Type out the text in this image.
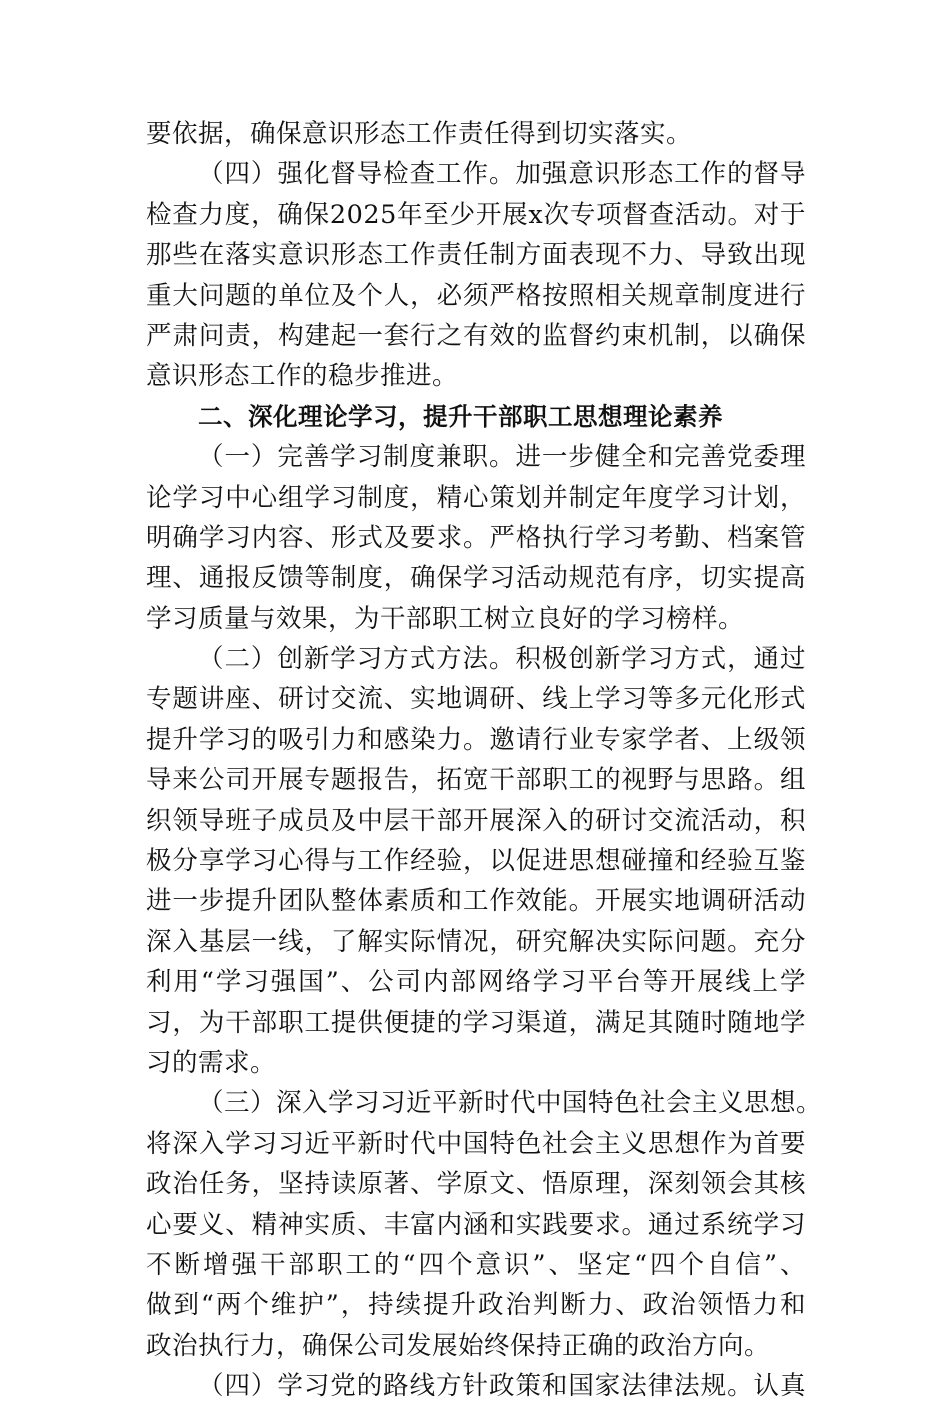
要依据，确保意识形态工作责任得到切实落实。
（四）强化督导检查工作。加强意识形态工作的督导
检查力度，确保2025年至少开展x次专项督查活动。对于
那些在落实意识形态工作责任制方面表现不力、导致出现
重大问题的单位及个人，必须严格按照相关规章制度进行
严肃问责，构建起一套行之有效的监督约束机制，以确保
意识形态工作的稳步推进。
二、深化理论学习，提升干部职工思想理论素养
（一）完善学习制度兼职。进一步健全和完善党委理
论学习中心组学习制度，精心策划并制定年度学习计划，
明确学习内容、形式及要求。严格执行学习考勤、档案管
理、通报反馈等制度，确保学习活动规范有序，切实提高
学习质量与效果，为干部职工树立良好的学习榜样。
（二）创新学习方式方法。积极创新学习方式，通过
专题讲座、研讨交流、实地调研、线上学习等多元化形式
提升学习的吸引力和感染力。邀请行业专家学者、上级领
导来公司开展专题报告，拓宽干部职工的视野与思路。组
织领导班子成员及中层干部开展深入的研讨交流活动，积
极分享学习心得与工作经验，以促进思想碰撞和经验互鉴
进一步提升团队整体素质和工作效能。开展实地调研活动
深入基层一线，了解实际情况，研究解决实际问题。充分
利用“学习强国”、公司内部网络学习平台等开展线上学
习，为干部职工提供便捷的学习渠道，满足其随时随地学
习的需求。
（三）深入学习习近平新时代中国特色社会主义思想。
将深入学习习近平新时代中国特色社会主义思想作为首要
政治任务，坚持读原著、学原文、悟原理，深刻领会其核
心要义、精神实质、丰富内涵和实践要求。通过系统学习
不断增强干部职工的“四个意识”、坚定“四个自信”、
做到“两个维护”，持续提升政治判断力、政治领悟力和
政治执行力，确保公司发展始终保持正确的政治方向。
（四）学习党的路线方针政策和国家法律法规。认真
